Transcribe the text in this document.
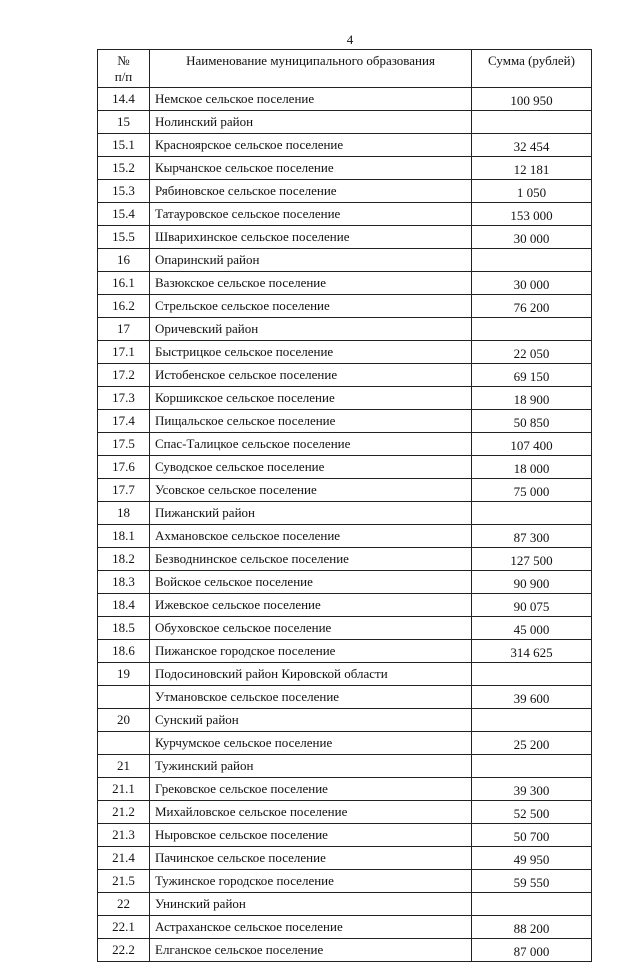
4
№
п/п	Наименование муниципального образования	Сумма (рублей)
14.4	Немское сельское поселение	100 950
15	Нолинский район	
15.1	Красноярское сельское поселение	32 454
15.2	Кырчанское сельское поселение	12 181
15.3	Рябиновское сельское поселение	1 050
15.4	Татауровское сельское поселение	153 000
15.5	Шварихинское сельское поселение	30 000
16	Опаринский район	
16.1	Вазюкское сельское поселение	30 000
16.2	Стрельское сельское поселение	76 200
17	Оричевский район	
17.1	Быстрицкое сельское поселение	22 050
17.2	Истобенское сельское поселение	69 150
17.3	Коршикское сельское поселение	18 900
17.4	Пищальское сельское поселение	50 850
17.5	Спас-Талицкое сельское поселение	107 400
17.6	Суводское сельское поселение	18 000
17.7	Усовское сельское поселение	75 000
18	Пижанский район	
18.1	Ахмановское сельское поселение	87 300
18.2	Безводнинское сельское поселение	127 500
18.3	Войское сельское поселение	90 900
18.4	Ижевское сельское поселение	90 075
18.5	Обуховское сельское поселение	45 000
18.6	Пижанское городское поселение	314 625
19	Подосиновский район Кировской области	
	Утмановское сельское поселение	39 600
20	Сунский район	
	Курчумское сельское поселение	25 200
21	Тужинский район	
21.1	Грековское сельское поселение	39 300
21.2	Михайловское сельское поселение	52 500
21.3	Ныровское сельское поселение	50 700
21.4	Пачинское сельское поселение	49 950
21.5	Тужинское городское поселение	59 550
22	Унинский район	
22.1	Астраханское сельское поселение	88 200
22.2	Елганское сельское поселение	87 000
